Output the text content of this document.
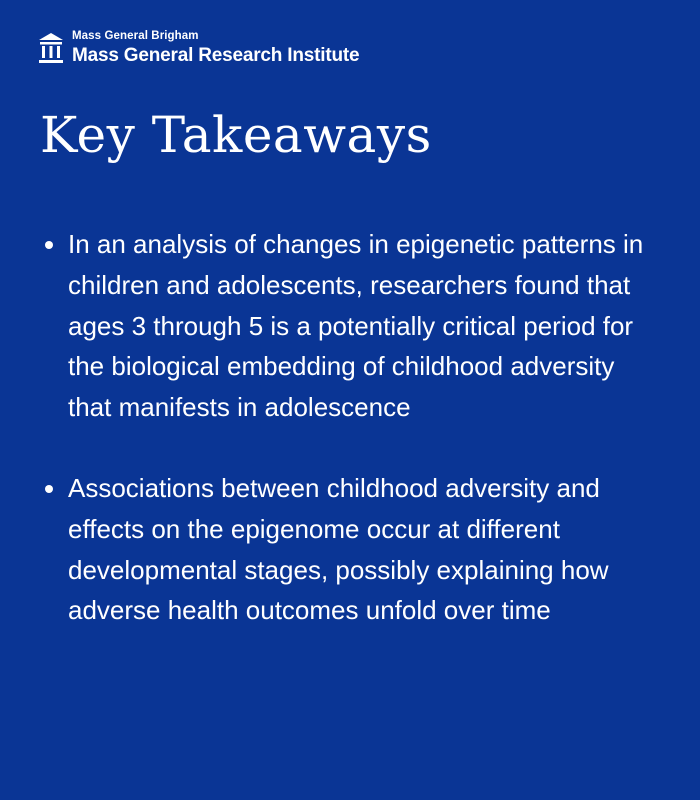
Mass General Brigham
Mass General Research Institute
Key Takeaways
In an analysis of changes in epigenetic patterns in children and adolescents, researchers found that ages 3 through 5 is a potentially critical period for the biological embedding of childhood adversity that manifests in adolescence
Associations between childhood adversity and effects on the epigenome occur at different developmental stages, possibly explaining how adverse health outcomes unfold over time
